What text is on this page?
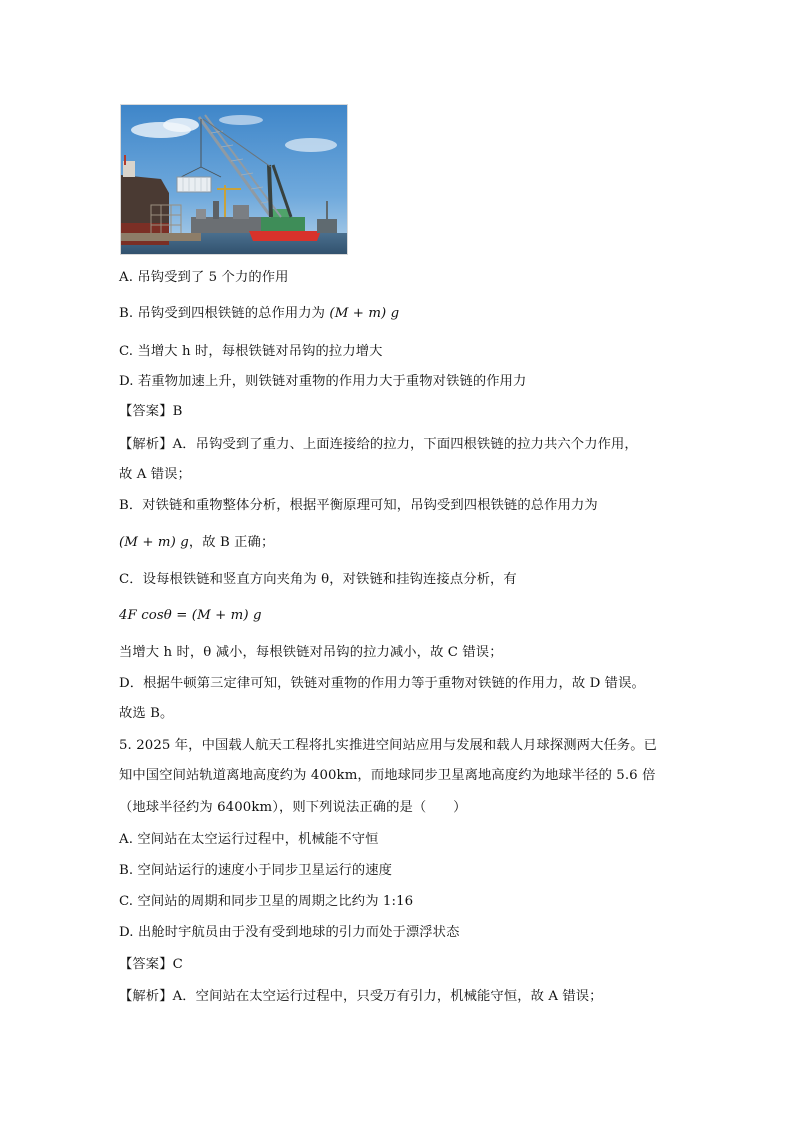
A. 吊钩受到了 5 个力的作用
B. 吊钩受到四根铁链的总作用力为 (M + m) g
C. 当增大 h 时，每根铁链对吊钩的拉力增大
D. 若重物加速上升，则铁链对重物的作用力大于重物对铁链的作用力
【答案】B
【解析】A．吊钩受到了重力、上面连接给的拉力，下面四根铁链的拉力共六个力作用，
故 A 错误；
B．对铁链和重物整体分析，根据平衡原理可知，吊钩受到四根铁链的总作用力为
(M + m) g，故 B 正确；
C．设每根铁链和竖直方向夹角为 θ，对铁链和挂钩连接点分析，有
4F cosθ = (M + m) g
当增大 h 时，θ 减小，每根铁链对吊钩的拉力减小，故 C 错误；
D．根据牛顿第三定律可知，铁链对重物的作用力等于重物对铁链的作用力，故 D 错误。
故选 B。
5. 2025 年，中国载人航天工程将扎实推进空间站应用与发展和载人月球探测两大任务。已
知中国空间站轨道离地高度约为 400km，而地球同步卫星离地高度约为地球半径的 5.6 倍
（地球半径约为 6400km），则下列说法正确的是（　　）
A. 空间站在太空运行过程中，机械能不守恒
B. 空间站运行的速度小于同步卫星运行的速度
C. 空间站的周期和同步卫星的周期之比约为 1:16
D. 出舱时宇航员由于没有受到地球的引力而处于漂浮状态
【答案】C
【解析】A．空间站在太空运行过程中，只受万有引力，机械能守恒，故 A 错误；
